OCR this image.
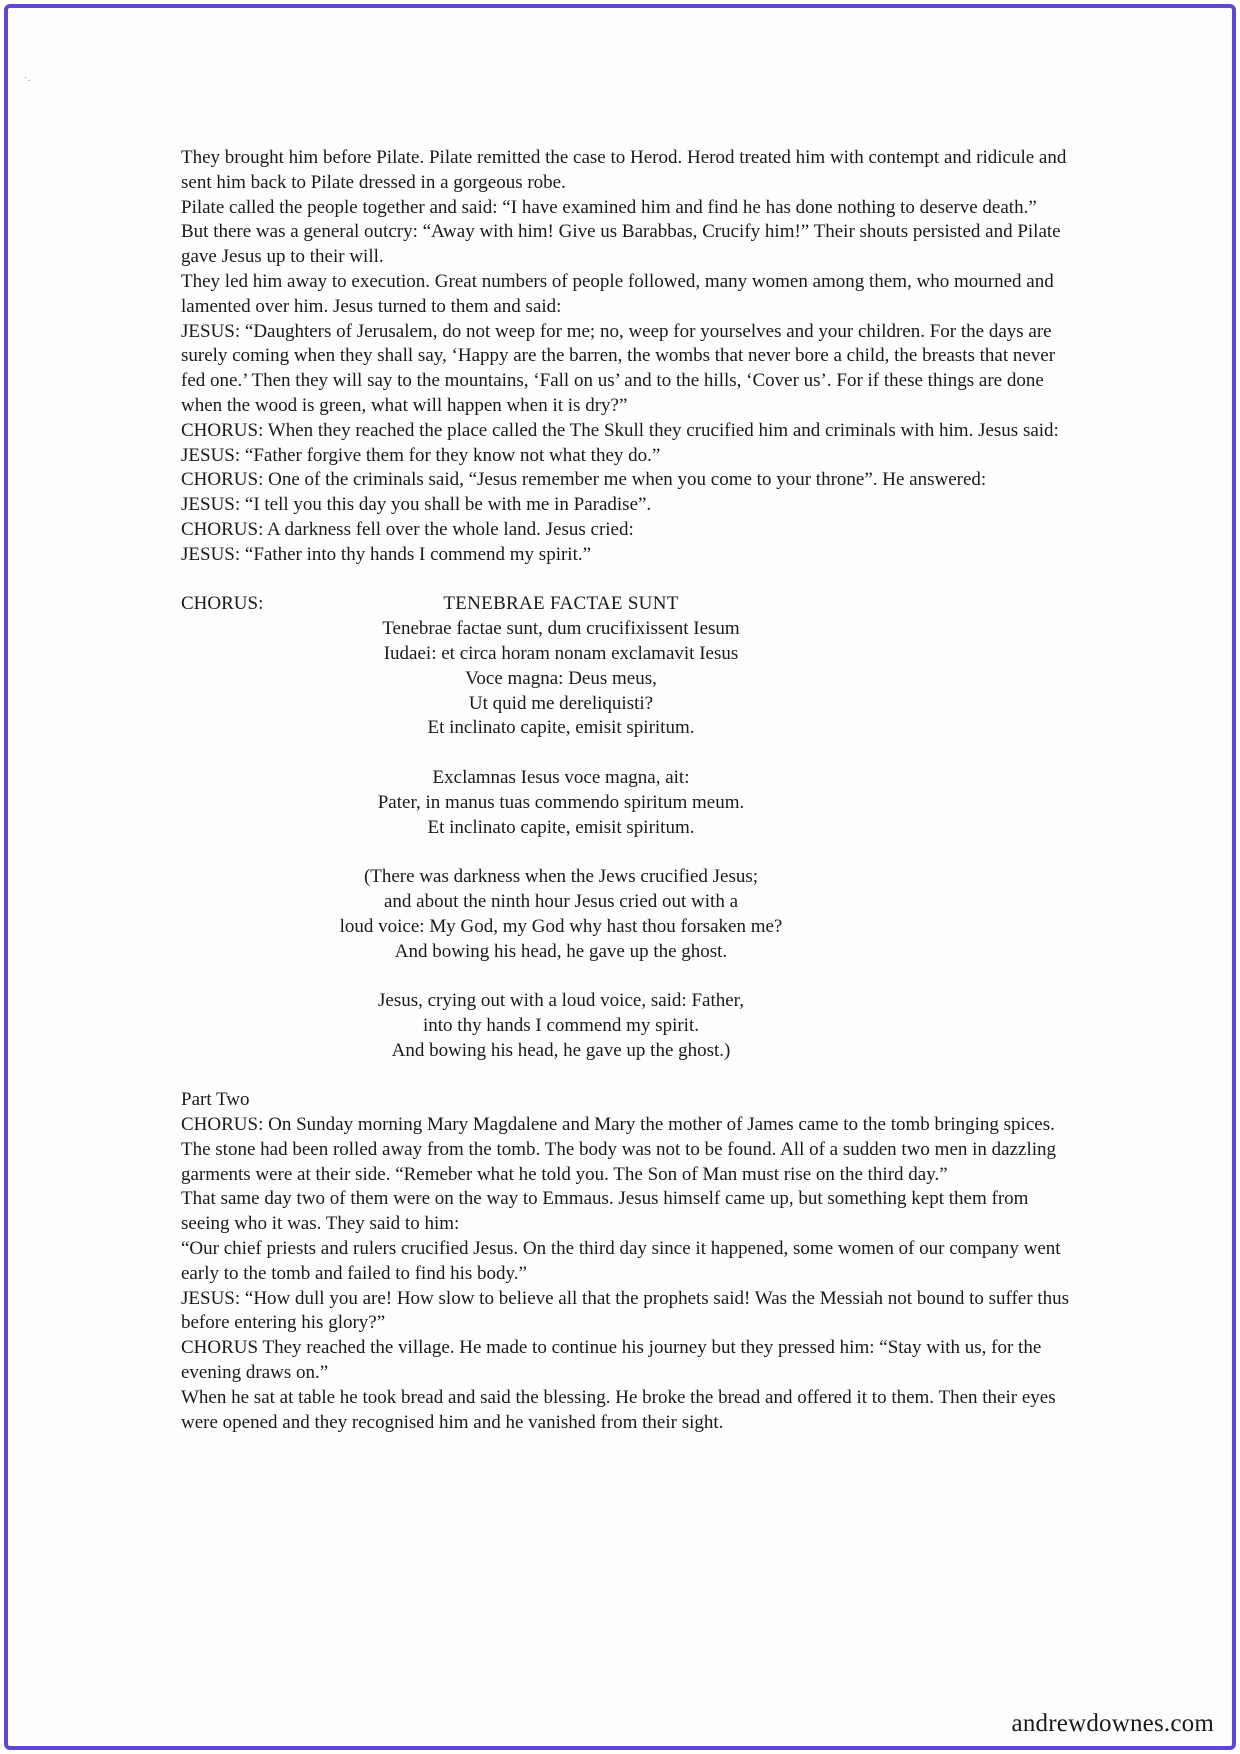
˙·

They brought him before Pilate. Pilate remitted the case to Herod. Herod treated him with contempt and ridicule and sent him back to Pilate dressed in a gorgeous robe.

Pilate called the people together and said: “I have examined him and find he has done nothing to deserve death.”

But there was a general outcry: “Away with him! Give us Barabbas, Crucify him!” Their shouts persisted and Pilate gave Jesus up to their will.

They led him away to execution. Great numbers of people followed, many women among them, who mourned and lamented over him. Jesus turned to them and said:

JESUS: “Daughters of Jerusalem, do not weep for me; no, weep for yourselves and your children. For the days are surely coming when they shall say, ‘Happy are the barren, the wombs that never bore a child, the breasts that never fed one.’ Then they will say to the mountains, ‘Fall on us’ and to the hills, ‘Cover us’. For if these things are done when the wood is green, what will happen when it is dry?”

CHORUS: When they reached the place called the The Skull they crucified him and criminals with him. Jesus said:

JESUS: “Father forgive them for they know not what they do.”

CHORUS: One of the criminals said, “Jesus remember me when you come to your throne”. He answered:

JESUS: “I tell you this day you shall be with me in Paradise”.

CHORUS: A darkness fell over the whole land. Jesus cried:

JESUS: “Father into thy hands I commend my spirit.”

CHORUS:	TENEBRAE FACTAE SUNT

Tenebrae factae sunt, dum crucifixissent Iesum

Iudaei: et circa horam nonam exclamavit Iesus

Voce magna: Deus meus,

Ut quid me dereliquisti?

Et inclinato capite, emisit spiritum.

Exclamnas Iesus voce magna, ait:

Pater, in manus tuas commendo spiritum meum.

Et inclinato capite, emisit spiritum.

(There was darkness when the Jews crucified Jesus;

and about the ninth hour Jesus cried out with a

loud voice: My God, my God why hast thou forsaken me?

And bowing his head, he gave up the ghost.

Jesus, crying out with a loud voice, said: Father,

into thy hands I commend my spirit.

And bowing his head, he gave up the ghost.)

Part Two

CHORUS: On Sunday morning Mary Magdalene and Mary the mother of James came to the tomb bringing spices. The stone had been rolled away from the tomb. The body was not to be found. All of a sudden two men in dazzling garments were at their side. “Remeber what he told you. The Son of Man must rise on the third day.”

That same day two of them were on the way to Emmaus. Jesus himself came up, but something kept them from seeing who it was. They said to him:

“Our chief priests and rulers crucified Jesus. On the third day since it happened, some women of our company went early to the tomb and failed to find his body.”

JESUS: “How dull you are! How slow to believe all that the prophets said! Was the Messiah not bound to suffer thus before entering his glory?”

CHORUS They reached the village. He made to continue his journey but they pressed him: “Stay with us, for the evening draws on.”

When he sat at table he took bread and said the blessing. He broke the bread and offered it to them. Then their eyes were opened and they recognised him and he vanished from their sight.

andrewdownes.com
